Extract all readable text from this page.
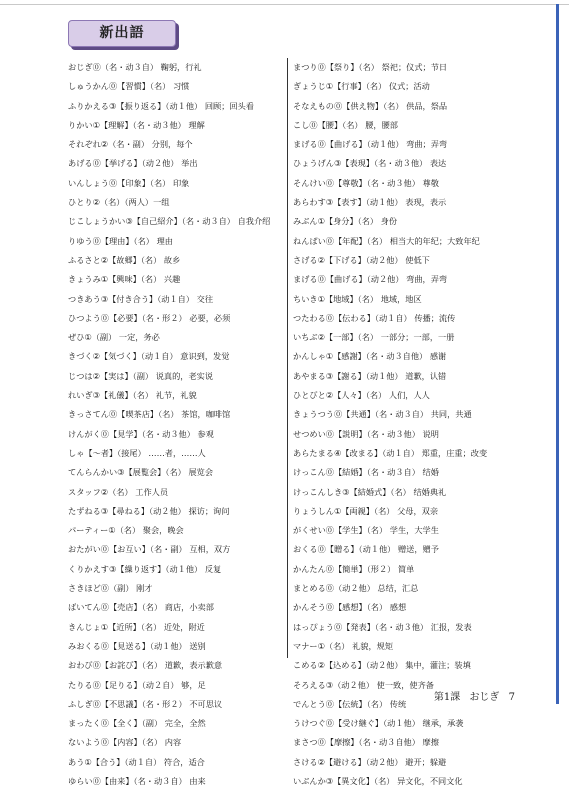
新出語
おじぎ⓪（名・动３自） 鞠躬，行礼
しゅうかん⓪【習慣】（名） 习惯
ふりかえる③【振り返る】（动１他） 回顾；回头看
りかい①【理解】（名・动３他） 理解
それぞれ②（名・副） 分别，每个
あげる⓪【挙げる】（动２他） 举出
いんしょう⓪【印象】（名） 印象
ひとり②（名）（两人）一组
じこしょうかい③【自己紹介】（名・动３自） 自我介绍
りゆう⓪【理由】（名） 理由
ふるさと②【故郷】（名） 故乡
きょうみ①【興味】（名） 兴趣
つきあう③【付き合う】（动１自） 交往
ひつよう⓪【必要】（名・形２） 必要，必须
ぜひ①（副） 一定，务必
きづく②【気づく】（动１自） 意识到，发觉
じつは②【実は】（副） 说真的，老实说
れいぎ③【礼儀】（名） 礼节，礼貌
きっさてん⓪【喫茶店】（名） 茶馆，咖啡馆
けんがく⓪【見学】（名・动３他） 参观
しゃ【～者】（接尾） ……者，……人
てんらんかい③【展覧会】（名） 展览会
スタッフ②（名） 工作人员
たずねる③【尋ねる】（动２他） 探访；询问
パーティー①（名） 聚会，晚会
おたがい⓪【お互い】（名・副） 互相，双方
くりかえす③【繰り返す】（动１他） 反复
さきほど⓪（副） 刚才
ばいてん⓪【売店】（名） 商店，小卖部
きんじょ①【近所】（名） 近处，附近
みおくる⓪【見送る】（动１他） 送别
おわび⓪【お詫び】（名） 道歉，表示歉意
たりる⓪【足りる】（动２自） 够，足
ふしぎ⓪【不思議】（名・形２） 不可思议
まったく⓪【全く】（副） 完全，全然
ないよう⓪【内容】（名） 内容
あう①【合う】（动１自） 符合，适合
ゆらい⓪【由来】（名・动３自） 由来
まつり⓪【祭り】（名） 祭祀；仪式；节日
ぎょうじ①【行事】（名） 仪式；活动
そなえもの⓪【供え物】（名） 供品，祭品
こし⓪【腰】（名） 腰，腰部
まげる⓪【曲げる】（动１他） 弯曲；弄弯
ひょうげん③【表現】（名・动３他） 表达
そんけい⓪【尊敬】（名・动３他） 尊敬
あらわす③【表す】（动１他） 表现，表示
みぶん①【身分】（名） 身份
ねんぱい⓪【年配】（名） 相当大的年纪；大致年纪
さげる②【下げる】（动２他） 使低下
まげる⓪【曲げる】（动２他） 弯曲，弄弯
ちいき①【地域】（名） 地域，地区
つたわる⓪【伝わる】（动１自） 传播；流传
いちぶ②【一部】（名） 一部分；一部，一册
かんしゃ①【感謝】（名・动３自他） 感谢
あやまる③【謝る】（动１他） 道歉，认错
ひとびと②【人々】（名） 人们，人人
きょうつう⓪【共通】（名・动３自） 共同，共通
せつめい⓪【説明】（名・动３他） 说明
あらたまる④【改まる】（动１自） 郑重，庄重；改变
けっこん⓪【結婚】（名・动３自） 结婚
けっこんしき③【結婚式】（名） 结婚典礼
りょうしん①【両親】（名） 父母，双亲
がくせい⓪【学生】（名） 学生，大学生
おくる⓪【贈る】（动１他） 赠送，赠予
かんたん⓪【簡単】（形２） 简单
まとめる⓪（动２他） 总结，汇总
かんそう⓪【感想】（名） 感想
はっぴょう⓪【発表】（名・动３他） 汇报，发表
マナー①（名） 礼貌，规矩
こめる②【込める】（动２他） 集中，灌注；装填
そろえる③（动２他） 使一致，使齐备
でんとう⓪【伝統】（名） 传统
うけつぐ⓪【受け継ぐ】（动１他） 继承，承袭
まさつ⓪【摩擦】（名・动３自他） 摩擦
さける②【避ける】（动２他） 避开；躲避
いぶんか③【異文化】（名） 异文化，不同文化
第1課 おじぎ 7
